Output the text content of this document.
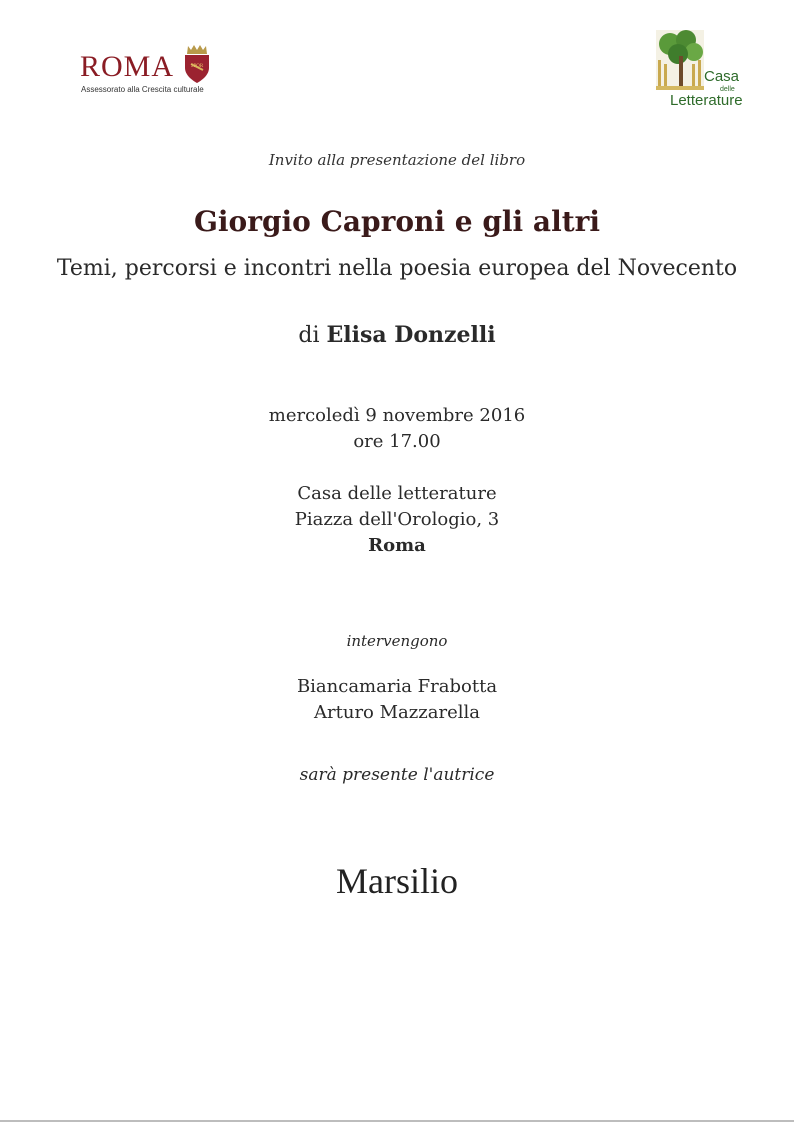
ROMA
Assessorato alla Crescita culturale
SPQR
Casa
delle
Letterature
Invito alla presentazione del libro
Giorgio Caproni e gli altri
Temi, percorsi e incontri nella poesia europea del Novecento
di Elisa Donzelli
mercoledì 9 novembre 2016
ore 17.00
Casa delle letterature
Piazza dell'Orologio, 3
Roma
intervengono
Biancamaria Frabotta
Arturo Mazzarella
sarà presente l'autrice
Marsilio
